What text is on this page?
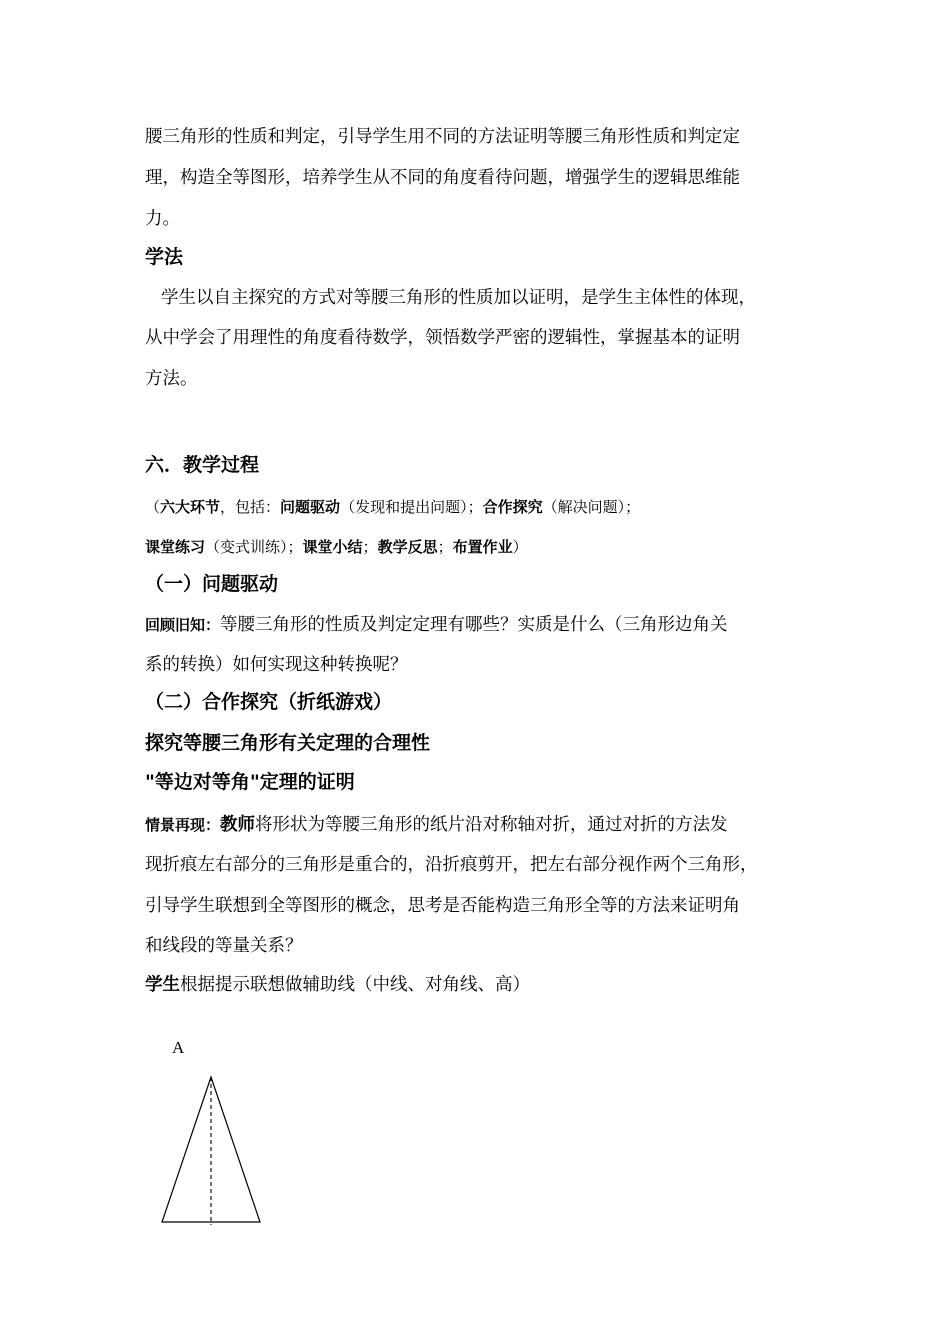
腰三角形的性质和判定，引导学生用不同的方法证明等腰三角形性质和判定定
理，构造全等图形，培养学生从不同的角度看待问题，增强学生的逻辑思维能
力。
学法
学生以自主探究的方式对等腰三角形的性质加以证明，是学生主体性的体现，
从中学会了用理性的角度看待数学，领悟数学严密的逻辑性，掌握基本的证明
方法。
六．教学过程
（六大环节，包括：问题驱动（发现和提出问题）；合作探究（解决问题）；
课堂练习（变式训练）；课堂小结；教学反思；布置作业）
（一）问题驱动
回顾旧知：等腰三角形的性质及判定定理有哪些？实质是什么（三角形边角关
系的转换）如何实现这种转换呢？
（二）合作探究（折纸游戏）
探究等腰三角形有关定理的合理性
"等边对等角"定理的证明
情景再现：教师将形状为等腰三角形的纸片沿对称轴对折，通过对折的方法发
现折痕左右部分的三角形是重合的，沿折痕剪开，把左右部分视作两个三角形，
引导学生联想到全等图形的概念，思考是否能构造三角形全等的方法来证明角
和线段的等量关系？
学生根据提示联想做辅助线（中线、对角线、高）
A
